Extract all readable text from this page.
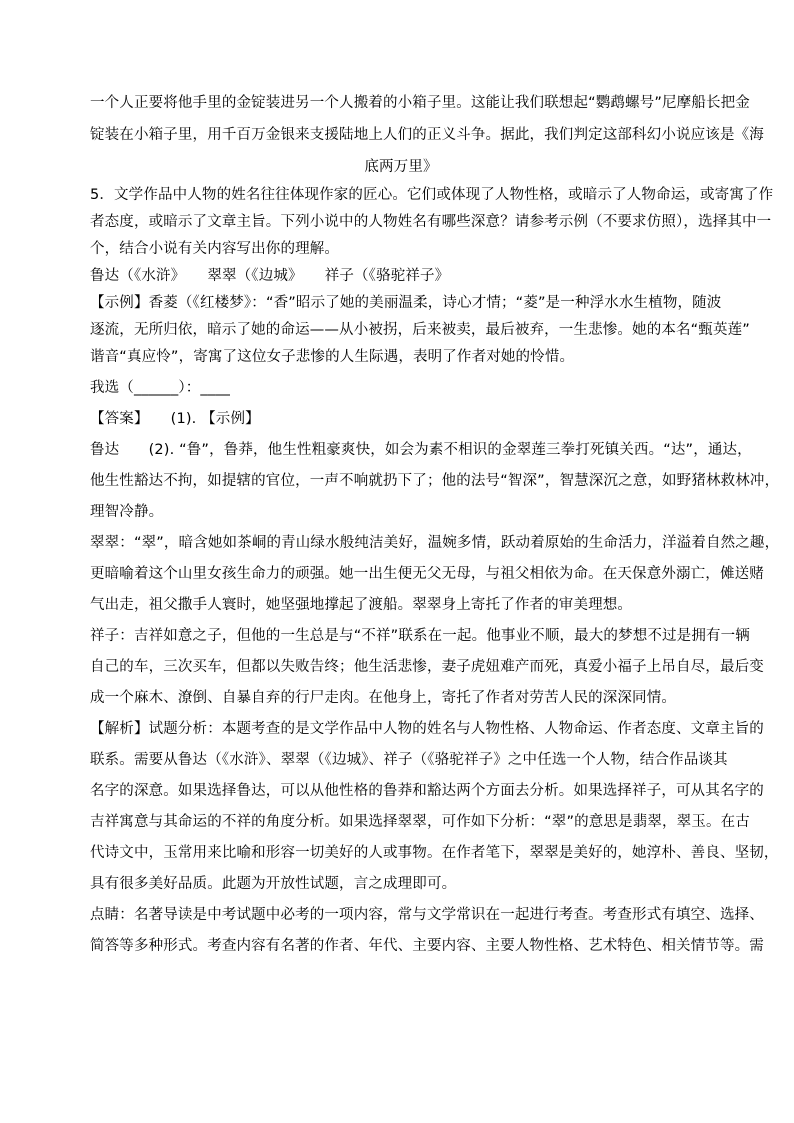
一个人正要将他手里的金锭装进另一个人搬着的小箱子里。这能让我们联想起“鹦鹉螺号”尼摩船长把金
锭装在小箱子里，用千百万金银来支援陆地上人们的正义斗争。据此，我们判定这部科幻小说应该是《海
底两万里》
5．文学作品中人物的姓名往往体现作家的匠心。它们或体现了人物性格，或暗示了人物命运，或寄寓了作
者态度，或暗示了文章主旨。下列小说中的人物姓名有哪些深意？请参考示例（不要求仿照），选择其中一
个，结合小说有关内容写出你的理解。
鲁达（《水浒》　　翠翠（《边城》　　祥子（《骆驼祥子》
【示例】香菱（《红楼梦》：“香”昭示了她的美丽温柔，诗心才情；“菱”是一种浮水水生植物，随波
逐流，无所归依，暗示了她的命运——从小被拐，后来被卖，最后被弃，一生悲惨。她的本名“甄英莲”
谐音“真应怜”，寄寓了这位女子悲惨的人生际遇，表明了作者对她的怜惜。
我选（______）：____
【答案】　　(1). 【示例】
鲁达　　(2). “鲁”，鲁莽，他生性粗豪爽快，如会为素不相识的金翠莲三拳打死镇关西。“达”，通达，
他生性豁达不拘，如提辖的官位，一声不响就扔下了；他的法号“智深”，智慧深沉之意，如野猪林救林冲，
理智冷静。
翠翠：“翠”，暗含她如茶峒的青山绿水般纯洁美好，温婉多情，跃动着原始的生命活力，洋溢着自然之趣，
更暗喻着这个山里女孩生命力的顽强。她一出生便无父无母，与祖父相依为命。在天保意外溺亡，傩送赌
气出走，祖父撒手人寰时，她坚强地撑起了渡船。翠翠身上寄托了作者的审美理想。
祥子：吉祥如意之子，但他的一生总是与“不祥”联系在一起。他事业不顺，最大的梦想不过是拥有一辆
自己的车，三次买车，但都以失败告终；他生活悲惨，妻子虎妞难产而死，真爱小福子上吊自尽，最后变
成一个麻木、潦倒、自暴自弃的行尸走肉。在他身上，寄托了作者对劳苦人民的深深同情。
【解析】试题分析：本题考查的是文学作品中人物的姓名与人物性格、人物命运、作者态度、文章主旨的
联系。需要从鲁达（《水浒》、翠翠（《边城》、祥子（《骆驼祥子》之中任选一个人物，结合作品谈其
名字的深意。如果选择鲁达，可以从他性格的鲁莽和豁达两个方面去分析。如果选择祥子，可从其名字的
吉祥寓意与其命运的不祥的角度分析。如果选择翠翠，可作如下分析：“翠”的意思是翡翠，翠玉。在古
代诗文中，玉常用来比喻和形容一切美好的人或事物。在作者笔下，翠翠是美好的，她淳朴、善良、坚韧，
具有很多美好品质。此题为开放性试题，言之成理即可。
点睛：名著导读是中考试题中必考的一项内容，常与文学常识在一起进行考查。考查形式有填空、选择、
简答等多种形式。考查内容有名著的作者、年代、主要内容、主要人物性格、艺术特色、相关情节等。需
